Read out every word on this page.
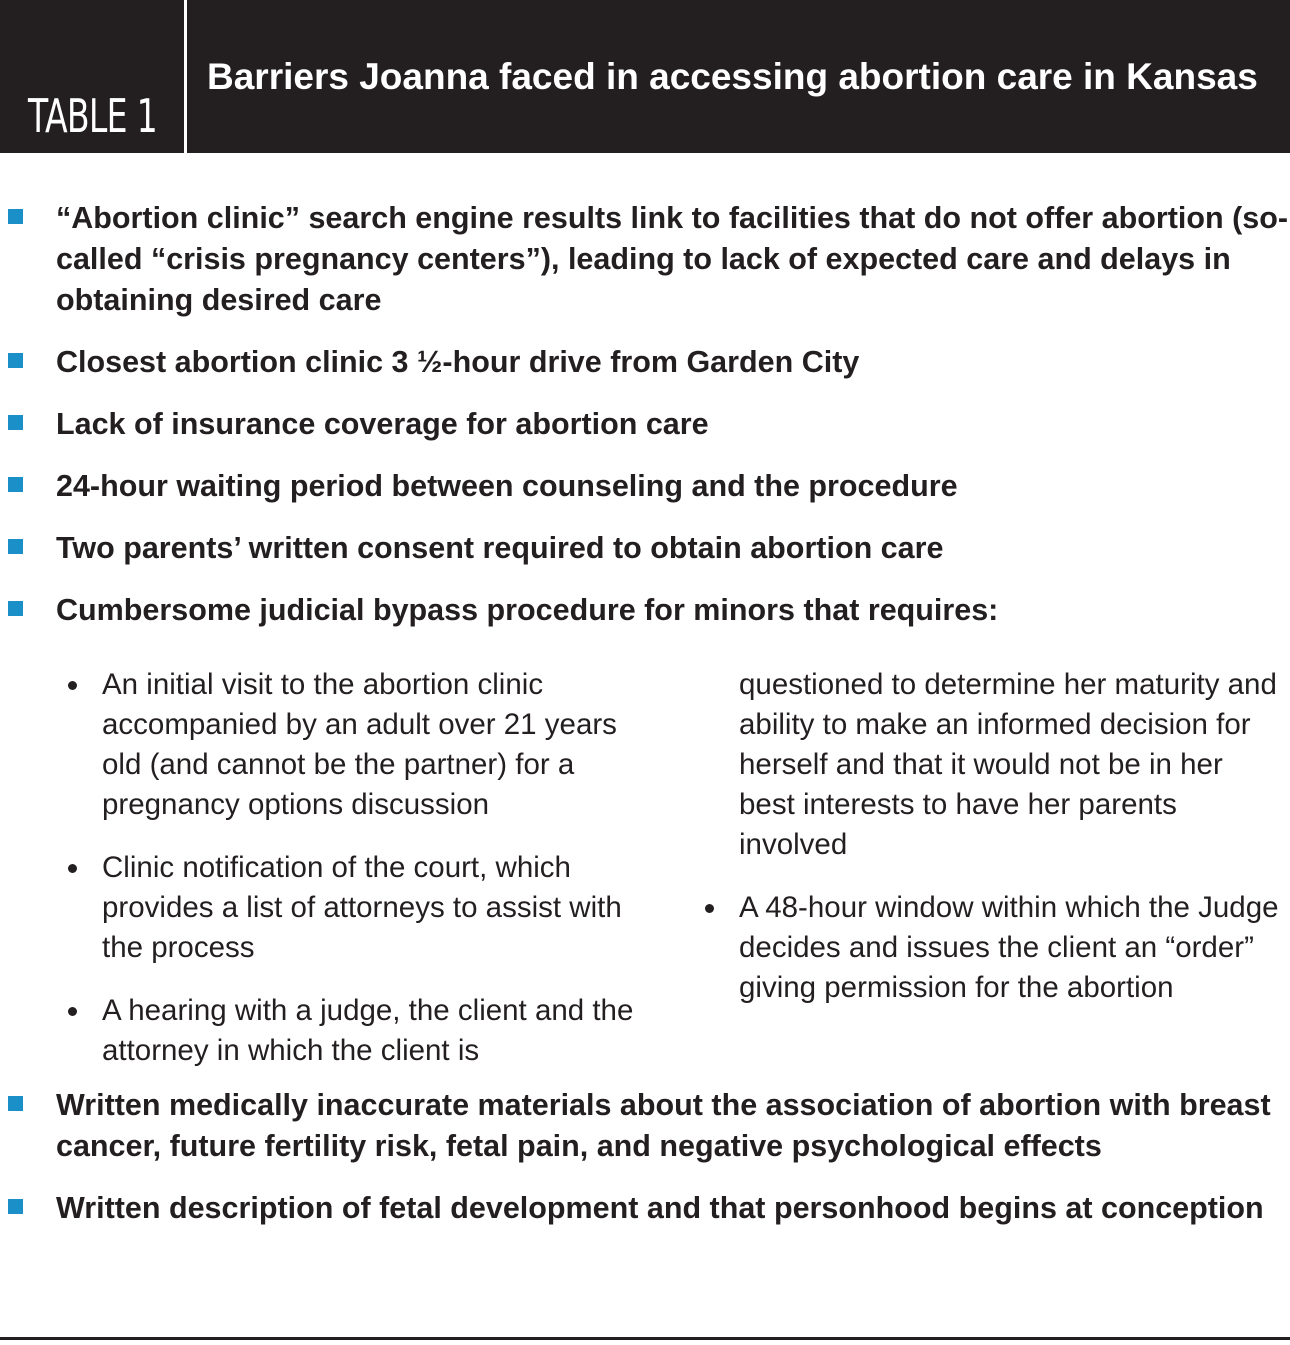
TABLE 1
Barriers Joanna faced in accessing abortion care in Kansas
“Abortion clinic” search engine results link to facilities that do not offer abortion (so-called “crisis pregnancy centers”), leading to lack of expected care and delays in obtaining desired care
Closest abortion clinic 3 ½-hour drive from Garden City
Lack of insurance coverage for abortion care
24-hour waiting period between counseling and the procedure
Two parents’ written consent required to obtain abortion care
Cumbersome judicial bypass procedure for minors that requires:
An initial visit to the abortion clinic accompanied by an adult over 21 years old (and cannot be the partner) for a pregnancy options discussion
Clinic notification of the court, which provides a list of attorneys to assist with the process
A hearing with a judge, the client and the attorney in which the client is
questioned to determine her maturity and ability to make an informed decision for herself and that it would not be in her best interests to have her parents involved
A 48-hour window within which the Judge decides and issues the client an “order” giving permission for the abortion
Written medically inaccurate materials about the association of abortion with breast cancer, future fertility risk, fetal pain, and negative psychological effects
Written description of fetal development and that personhood begins at conception
